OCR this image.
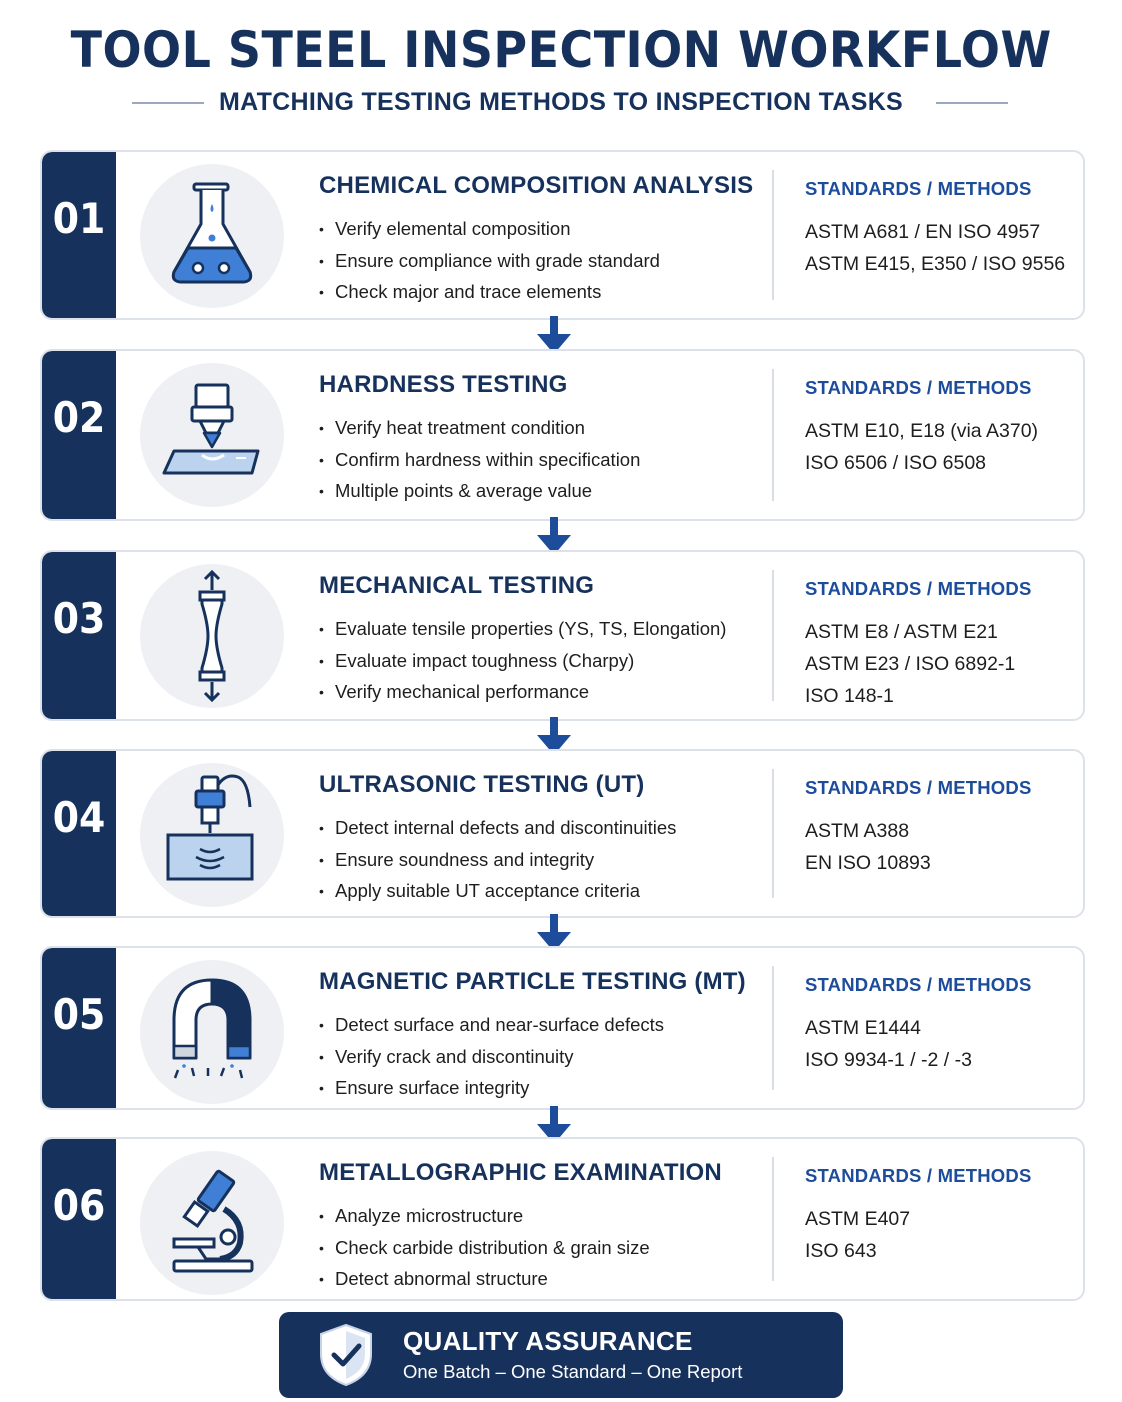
TOOL STEEL INSPECTION WORKFLOW
MATCHING TESTING METHODS TO INSPECTION TASKS
01
CHEMICAL COMPOSITION ANALYSIS
• Verify elemental composition
• Ensure compliance with grade standard
• Check major and trace elements
STANDARDS / METHODS
ASTM A681 / EN ISO 4957
ASTM E415, E350 / ISO 9556
02
HARDNESS TESTING
• Verify heat treatment condition
• Confirm hardness within specification
• Multiple points & average value
STANDARDS / METHODS
ASTM E10, E18 (via A370)
ISO 6506 / ISO 6508
03
MECHANICAL TESTING
• Evaluate tensile properties (YS, TS, Elongation)
• Evaluate impact toughness (Charpy)
• Verify mechanical performance
STANDARDS / METHODS
ASTM E8 / ASTM E21
ASTM E23 / ISO 6892-1
ISO 148-1
04
ULTRASONIC TESTING (UT)
• Detect internal defects and discontinuities
• Ensure soundness and integrity
• Apply suitable UT acceptance criteria
STANDARDS / METHODS
ASTM A388
EN ISO 10893
05
MAGNETIC PARTICLE TESTING (MT)
• Detect surface and near-surface defects
• Verify crack and discontinuity
• Ensure surface integrity
STANDARDS / METHODS
ASTM E1444
ISO 9934-1 / -2 / -3
06
METALLOGRAPHIC EXAMINATION
• Analyze microstructure
• Check carbide distribution & grain size
• Detect abnormal structure
STANDARDS / METHODS
ASTM E407
ISO 643
QUALITY ASSURANCE
One Batch – One Standard – One Report
